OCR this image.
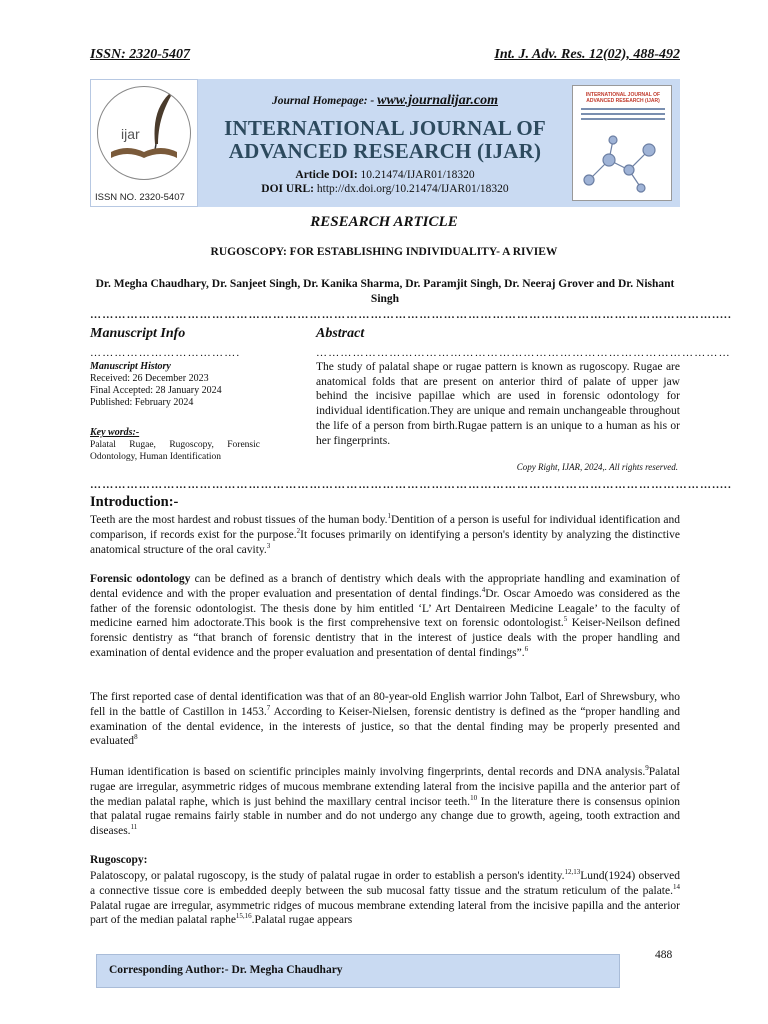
ISSN: 2320-5407	Int. J. Adv. Res. 12(02), 488-492
ijar
ISSN NO. 2320-5407
Journal Homepage: - www.journalijar.com
INTERNATIONAL JOURNAL OF
ADVANCED RESEARCH (IJAR)
Article DOI: 10.21474/IJAR01/18320
DOI URL: http://dx.doi.org/10.21474/IJAR01/18320
INTERNATIONAL JOURNAL OF ADVANCED RESEARCH (IJAR)
RESEARCH ARTICLE
RUGOSCOPY: FOR ESTABLISHING INDIVIDUALITY- A RIVIEW
Dr. Megha Chaudhary, Dr. Sanjeet Singh, Dr. Kanika Sharma, Dr. Paramjit Singh, Dr. Neeraj Grover and Dr. Nishant Singh
……………………………………………………………………………………………………………………………………….....
Manuscript Info	Abstract
……………………………….	…………………………………………………………………………………………
Manuscript History
Received: 26 December 2023
Final Accepted: 28 January 2024
Published: February 2024
Key words:-
Palatal Rugae, Rugoscopy, Forensic Odontology, Human Identification
The study of palatal shape or rugae pattern is known as rugoscopy. Rugae are anatomical folds that are present on anterior third of palate of upper jaw behind the incisive papillae which are used in forensic odontology for individual identification.They are unique and remain unchangeable throughout the life of a person from birth.Rugae pattern is an unique to a human as his or her fingerprints.
Copy Right, IJAR, 2024,. All rights reserved.
……………………………………………………………………………………………………………………………………….....
Introduction:-
Teeth are the most hardest and robust tissues of the human body.$^1$Dentition of a person is useful for individual identification and comparison, if records exist for the purpose.$^2$It focuses primarily on identifying a person's identity by analyzing the distinctive anatomical structure of the oral cavity.$^3$
Forensic odontology can be defined as a branch of dentistry which deals with the appropriate handling and examination of dental evidence and with the proper evaluation and presentation of dental findings.$^4$Dr. Oscar Amoedo was considered as the father of the forensic odontologist. The thesis done by him entitled ‘L’ Art Dentaireen Medicine Leagale’ to the faculty of medicine earned him adoctorate.This book is the first comprehensive text on forensic odontologist.$^5$ Keiser-Neilson defined forensic dentistry as “that branch of forensic dentistry that in the interest of justice deals with the proper handling and examination of dental evidence and the proper evaluation and presentation of dental findings”.$^6$
The first reported case of dental identification was that of an 80-year-old English warrior John Talbot, Earl of Shrewsbury, who fell in the battle of Castillon in 1453.$^7$ According to Keiser-Nielsen, forensic dentistry is defined as the “proper handling and examination of the dental evidence, in the interests of justice, so that the dental finding may be properly presented and evaluated$^8$
Human identification is based on scientific principles mainly involving fingerprints, dental records and DNA analysis.$^9$Palatal rugae are irregular, asymmetric ridges of mucous membrane extending lateral from the incisive papilla and the anterior part of the median palatal raphe, which is just behind the maxillary central incisor teeth.$^{10}$ In the literature there is consensus opinion that palatal rugae remains fairly stable in number and do not undergo any change due to growth, ageing, tooth extraction and diseases.$^{11}$
Rugoscopy:
Palatoscopy, or palatal rugoscopy, is the study of palatal rugae in order to establish a person's identity.$^{12,13}$Lund(1924) observed a connective tissue core is embedded deeply between the sub mucosal fatty tissue and the stratum reticulum of the palate.$^{14}$ Palatal rugae are irregular, asymmetric ridges of mucous membrane extending lateral from the incisive papilla and the anterior part of the median palatal raphe$^{15,16}$.Palatal rugae appears
488
Corresponding Author:- Dr. Megha Chaudhary
